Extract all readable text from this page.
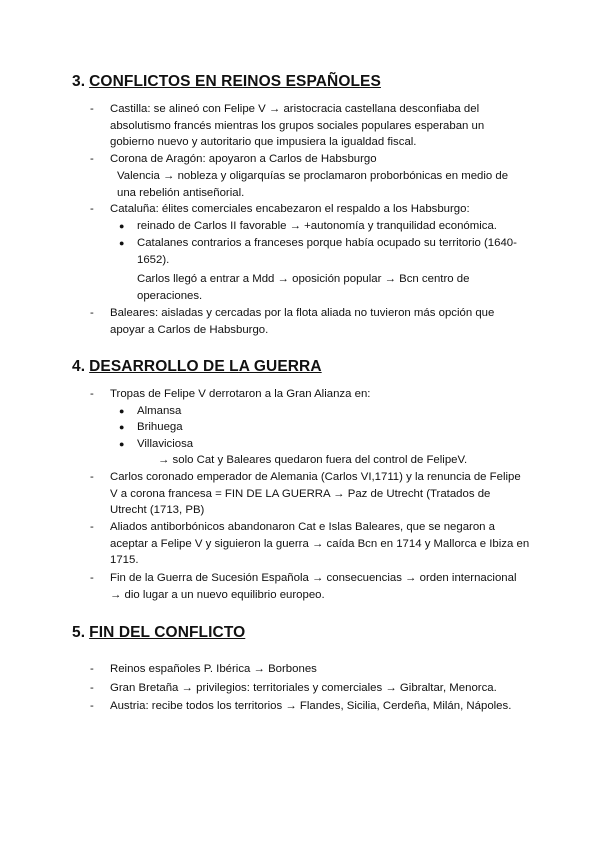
3. CONFLICTOS EN REINOS ESPAÑOLES
- Castilla: se alineó con Felipe V → aristocracia castellana desconfiaba del absolutismo francés mientras los grupos sociales populares esperaban un gobierno nuevo y autoritario que impusiera la igualdad fiscal.
- Corona de Aragón: apoyaron a Carlos de Habsburgo
Valencia → nobleza y oligarquías se proclamaron proborbónicas en medio de una rebelión antiseñorial.
- Cataluña: élites comerciales encabezaron el respaldo a los Habsburgo:
● reinado de Carlos II favorable → +autonomía y tranquilidad económica.
● Catalanes contrarios a franceses porque había ocupado su territorio (1640-1652).
Carlos llegó a entrar a Mdd → oposición popular → Bcn centro de operaciones.
- Baleares: aisladas y cercadas por la flota aliada no tuvieron más opción que apoyar a Carlos de Habsburgo.
4. DESARROLLO DE LA GUERRA
- Tropas de Felipe V derrotaron a la Gran Alianza en:
● Almansa
● Brihuega
● Villaviciosa
→ solo Cat y Baleares quedaron fuera del control de FelipeV.
- Carlos coronado emperador de Alemania (Carlos VI,1711) y la renuncia de Felipe V a corona francesa = FIN DE LA GUERRA → Paz de Utrecht (Tratados de Utrecht (1713, PB)
- Aliados antiborbónicos abandonaron Cat e Islas Baleares, que se negaron a aceptar a Felipe V y siguieron la guerra → caída Bcn en 1714 y Mallorca e Ibiza en 1715.
- Fin de la Guerra de Sucesión Española → consecuencias → orden internacional → dio lugar a un nuevo equilibrio europeo.
5. FIN DEL CONFLICTO
- Reinos españoles P. Ibérica → Borbones
- Gran Bretaña → privilegios: territoriales y comerciales → Gibraltar, Menorca.
- Austria: recibe todos los territorios → Flandes, Sicilia, Cerdeña, Milán, Nápoles.
